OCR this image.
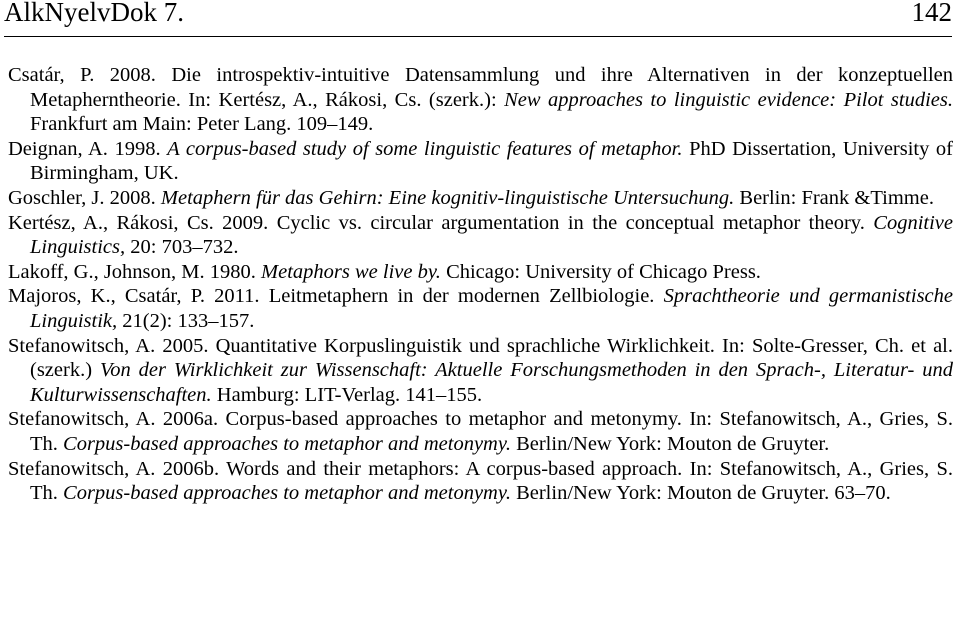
AlkNyelvDok 7.	142
Csatár, P. 2008. Die introspektiv-intuitive Datensammlung und ihre Alternativen in der konzeptuellen Metapherntheorie. In: Kertész, A., Rákosi, Cs. (szerk.): New approaches to linguistic evidence: Pilot studies. Frankfurt am Main: Peter Lang. 109–149.
Deignan, A. 1998. A corpus-based study of some linguistic features of metaphor. PhD Dissertation, University of Birmingham, UK.
Goschler, J. 2008. Metaphern für das Gehirn: Eine kognitiv-linguistische Untersuchung. Berlin: Frank &Timme.
Kertész, A., Rákosi, Cs. 2009. Cyclic vs. circular argumentation in the conceptual metaphor theory. Cognitive Linguistics, 20: 703–732.
Lakoff, G., Johnson, M. 1980. Metaphors we live by. Chicago: University of Chicago Press.
Majoros, K., Csatár, P. 2011. Leitmetaphern in der modernen Zellbiologie. Sprachtheorie und germanistische Linguistik, 21(2): 133–157.
Stefanowitsch, A. 2005. Quantitative Korpuslinguistik und sprachliche Wirklichkeit. In: Solte-Gresser, Ch. et al. (szerk.) Von der Wirklichkeit zur Wissenschaft: Aktuelle Forschungsmethoden in den Sprach-, Literatur- und Kulturwissenschaften. Hamburg: LIT-Verlag. 141–155.
Stefanowitsch, A. 2006a. Corpus-based approaches to metaphor and metonymy. In: Stefanowitsch, A., Gries, S. Th. Corpus-based approaches to metaphor and metonymy. Berlin/New York: Mouton de Gruyter.
Stefanowitsch, A. 2006b. Words and their metaphors: A corpus-based approach. In: Stefanowitsch, A., Gries, S. Th. Corpus-based approaches to metaphor and metonymy. Berlin/New York: Mouton de Gruyter. 63–70.
